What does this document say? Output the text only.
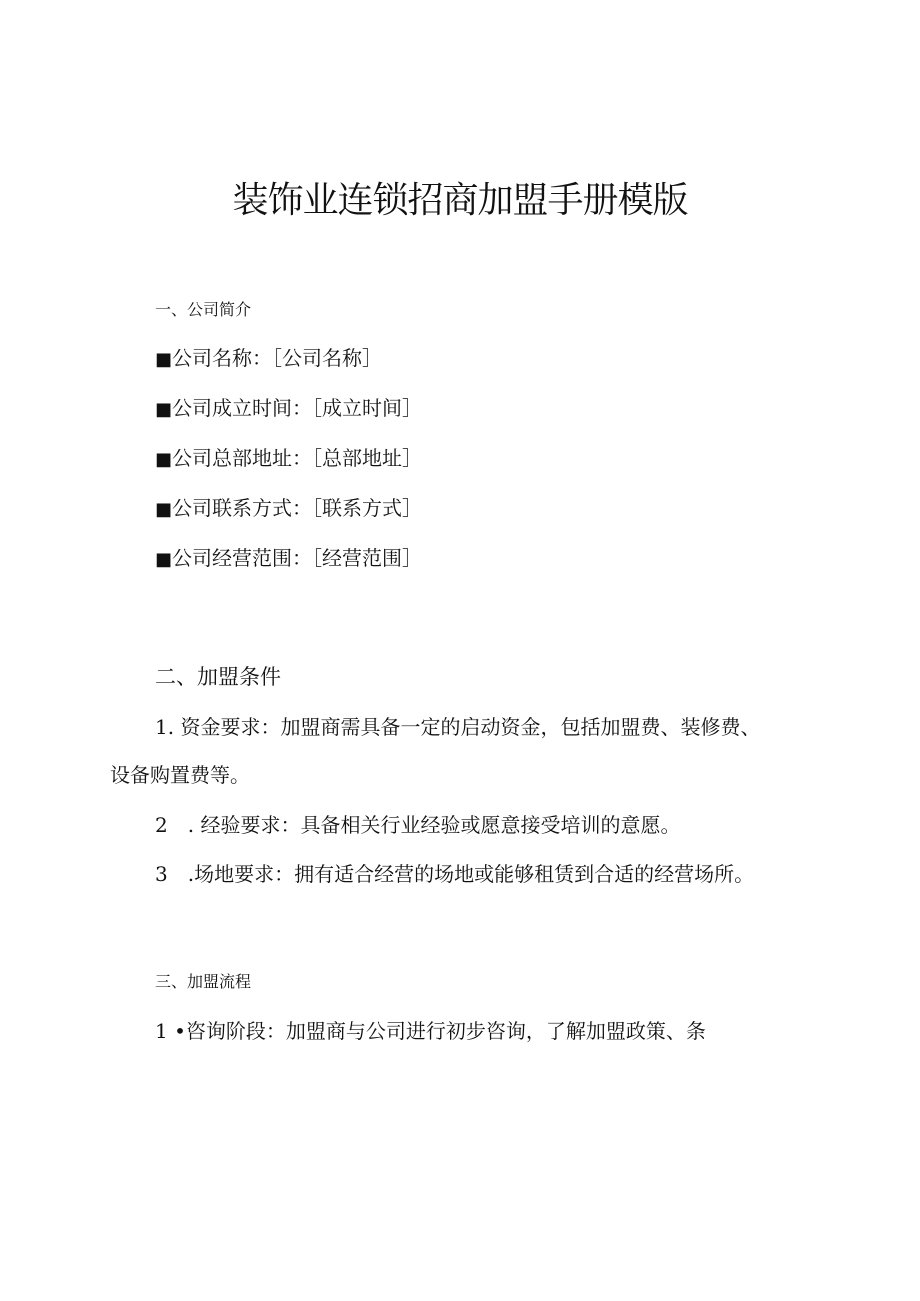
装饰业连锁招商加盟手册模版
一、公司简介
■公司名称：［公司名称］
■公司成立时间：［成立时间］
■公司总部地址：［总部地址］
■公司联系方式：［联系方式］
■公司经营范围：［经营范围］
二、加盟条件
1. 资金要求：加盟商需具备一定的启动资金，包括加盟费、装修费、
设备购置费等。
2　. 经验要求：具备相关行业经验或愿意接受培训的意愿。
3　.场地要求：拥有适合经营的场地或能够租赁到合适的经营场所。
三、加盟流程
1 •咨询阶段：加盟商与公司进行初步咨询，了解加盟政策、条
